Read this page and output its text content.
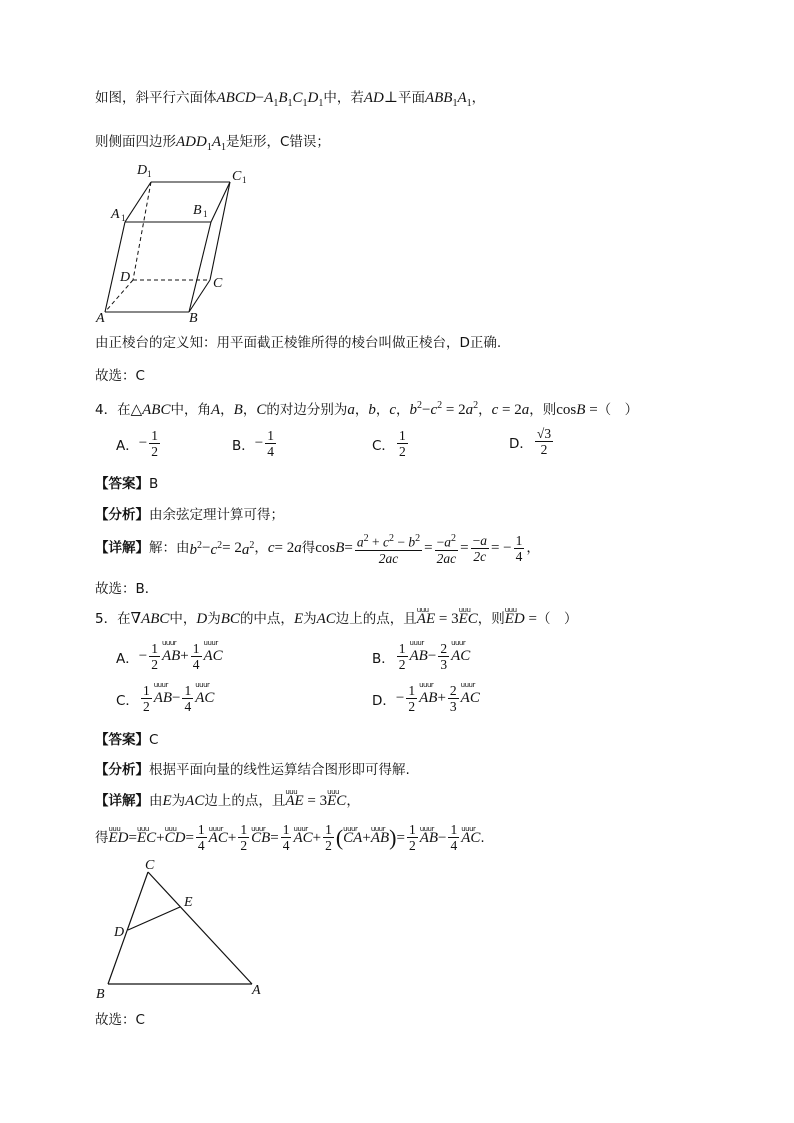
如图，斜平行六面体$ABCD-A_1B_1C_1D_1$中，若AD⊥平面$ABB_1A_1$，
则侧面四边形$ADD_1A_1$是矩形，C错误；
D 1	C 1
A 1	B 1
D	C
A	B
由正棱台的定义知：用平面截正棱锥所得的棱台叫做正棱台，D正确.
故选：C
4．在△ABC中，角A，B，C的对边分别为a，b，c，$b^2-c^2 = 2a^2$，c = 2a，则cosB =（　）
A． − $\frac{1}{2}$	B． − $\frac{1}{4}$	C． $\frac{1}{2}$	D． $\frac{√3}{2}$
【答案】B
【分析】由余弦定理计算可得；
【详解】 解：由 $b^2 - c^2 = 2$ $a^2$ ， c = 2 a 得 $\cos B = \frac{a^2 + c^2 - b^2}{2ac} = \frac{-a^2}{2ac} = \frac{-a}{2c}$ = − $\frac{1}{4}$ ，
故选：B．
5．在∇ABC中，D为BC的中点，E为AC边上的点，且uuu AE = 3uuu EC，则uuu ED =（　）
A． − $\frac{1}{2}$ uuur AB + $\frac{1}{4}$ uuur AC	B． $\frac{1}{2}$ uuur AB − $\frac{2}{3}$ uuur AC
C． $\frac{1}{2}$ uuur AB − $\frac{1}{4}$ uuur AC	D． − $\frac{1}{2}$ uuur AB + $\frac{2}{3}$ uuur AC
【答案】C
【分析】根据平面向量的线性运算结合图形即可得解.
【详解】由E为AC边上的点，且uuu AE = 3uuu EC，
得 uuu ED = uuu EC + uuu CD = $\frac{1}{4}$ uuur AC + $\frac{1}{2}$ uuur CB = $\frac{1}{4}$ uuur AC + $\frac{1}{2}$ ( uuur CA + uuur AB ) = $\frac{1}{2}$ uuur AB − $\frac{1}{4}$ uuur AC .
C
E
D
B	A
故选：C
